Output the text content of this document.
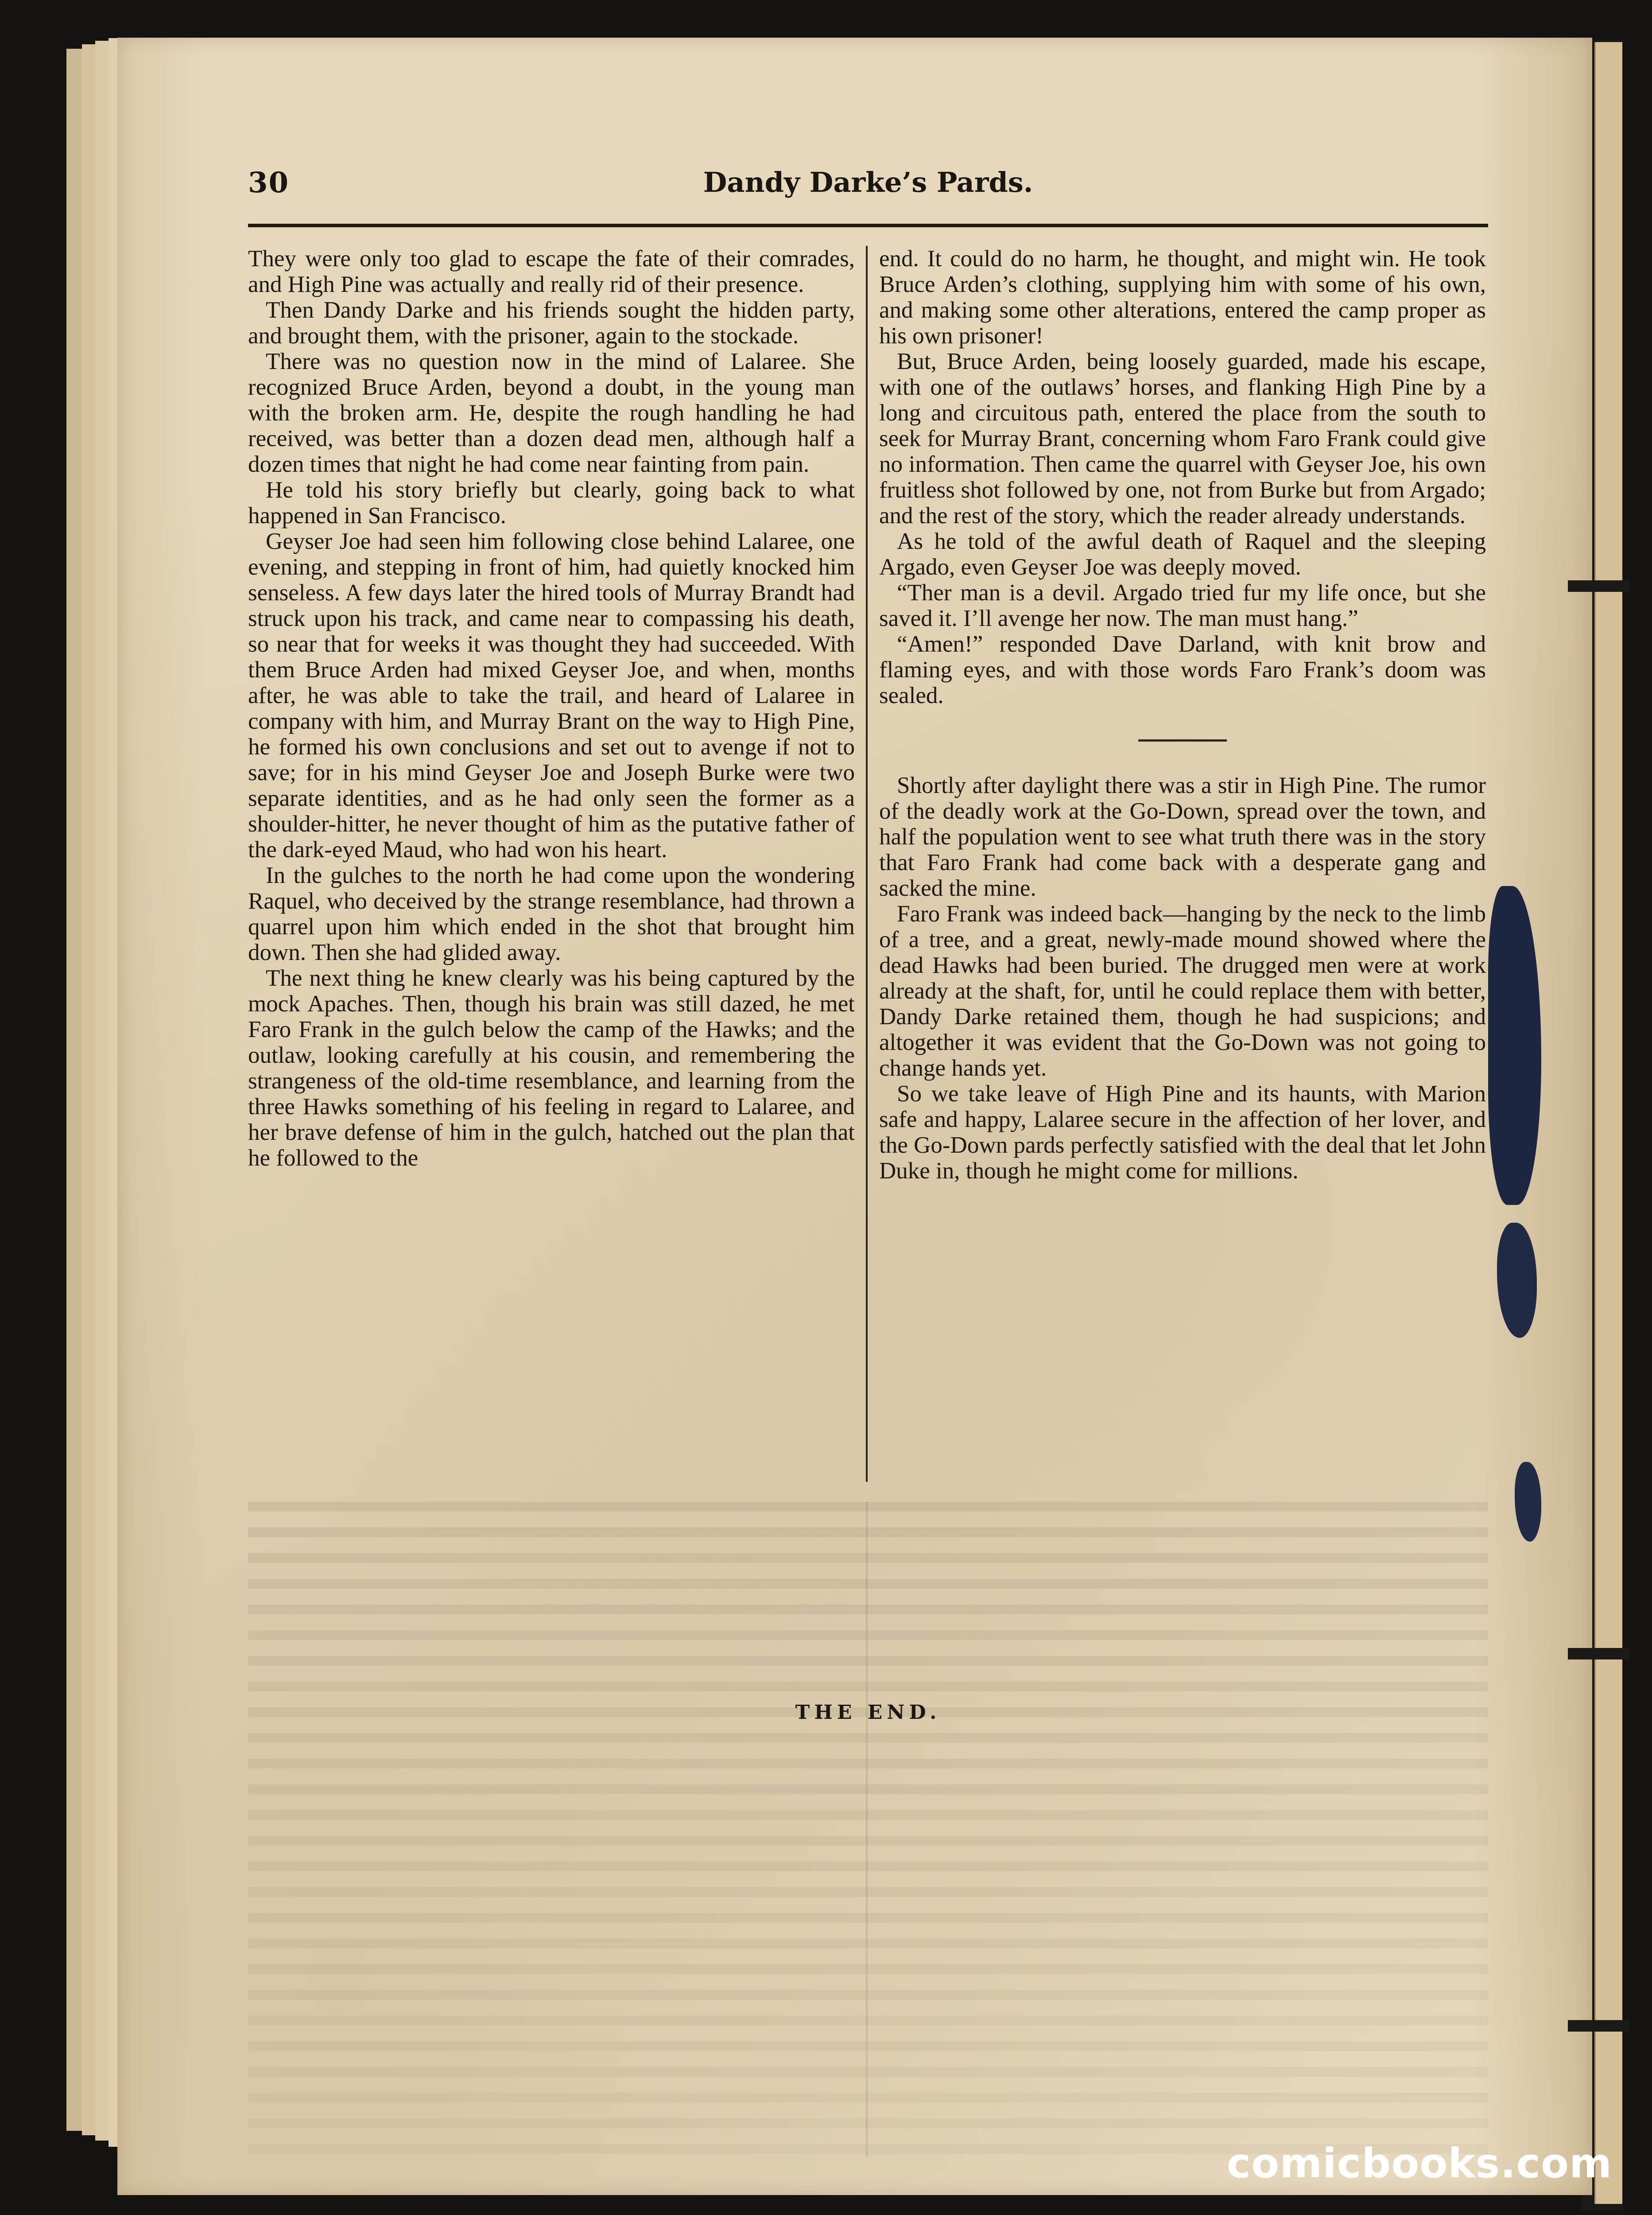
Dandy Darke’s Pards.
30

They were only too glad to escape the fate of their comrades, and High Pine was actually and really rid of their presence.

Then Dandy Darke and his friends sought the hidden party, and brought them, with the prisoner, again to the stockade.

There was no question now in the mind of Lalaree. She recognized Bruce Arden, beyond a doubt, in the young man with the broken arm. He, despite the rough handling he had received, was better than a dozen dead men, although half a dozen times that night he had come near fainting from pain.

He told his story briefly but clearly, going back to what happened in San Francisco.

Geyser Joe had seen him following close behind Lalaree, one evening, and stepping in front of him, had quietly knocked him senseless. A few days later the hired tools of Murray Brandt had struck upon his track, and came near to compassing his death, so near that for weeks it was thought they had succeeded. With them Bruce Arden had mixed Geyser Joe, and when, months after, he was able to take the trail, and heard of Lalaree in company with him, and Murray Brant on the way to High Pine, he formed his own conclusions and set out to avenge if not to save; for in his mind Geyser Joe and Joseph Burke were two separate identities, and as he had only seen the former as a shoulder-hitter, he never thought of him as the putative father of the dark-eyed Maud, who had won his heart.

In the gulches to the north he had come upon the wondering Raquel, who deceived by the strange resemblance, had thrown a quarrel upon him which ended in the shot that brought him down. Then she had glided away.

The next thing he knew clearly was his being captured by the mock Apaches. Then, though his brain was still dazed, he met Faro Frank in the gulch below the camp of the Hawks; and the outlaw, looking carefully at his cousin, and remembering the strangeness of the old-time resemblance, and learning from the three Hawks something of his feeling in regard to Lalaree, and her brave defense of him in the gulch, hatched out the plan that he followed to the

end. It could do no harm, he thought, and might win. He took Bruce Arden’s clothing, supplying him with some of his own, and making some other alterations, entered the camp proper as his own prisoner!

But, Bruce Arden, being loosely guarded, made his escape, with one of the outlaws’ horses, and flanking High Pine by a long and circuitous path, entered the place from the south to seek for Murray Brant, concerning whom Faro Frank could give no information. Then came the quarrel with Geyser Joe, his own fruitless shot followed by one, not from Burke but from Argado; and the rest of the story, which the reader already understands.

As he told of the awful death of Raquel and the sleeping Argado, even Geyser Joe was deeply moved.

“Ther man is a devil. Argado tried fur my life once, but she saved it. I’ll avenge her now. The man must hang.”

“Amen!” responded Dave Darland, with knit brow and flaming eyes, and with those words Faro Frank’s doom was sealed.

Shortly after daylight there was a stir in High Pine. The rumor of the deadly work at the Go-Down, spread over the town, and half the population went to see what truth there was in the story that Faro Frank had come back with a desperate gang and sacked the mine.

Faro Frank was indeed back—hanging by the neck to the limb of a tree, and a great, newly-made mound showed where the dead Hawks had been buried. The drugged men were at work already at the shaft, for, until he could replace them with better, Dandy Darke retained them, though he had suspicions; and altogether it was evident that the Go-Down was not going to change hands yet.

So we take leave of High Pine and its haunts, with Marion safe and happy, Lalaree secure in the affection of her lover, and the Go-Down pards perfectly satisfied with the deal that let John Duke in, though he might come for millions.

THE END.
comicbooks.com
